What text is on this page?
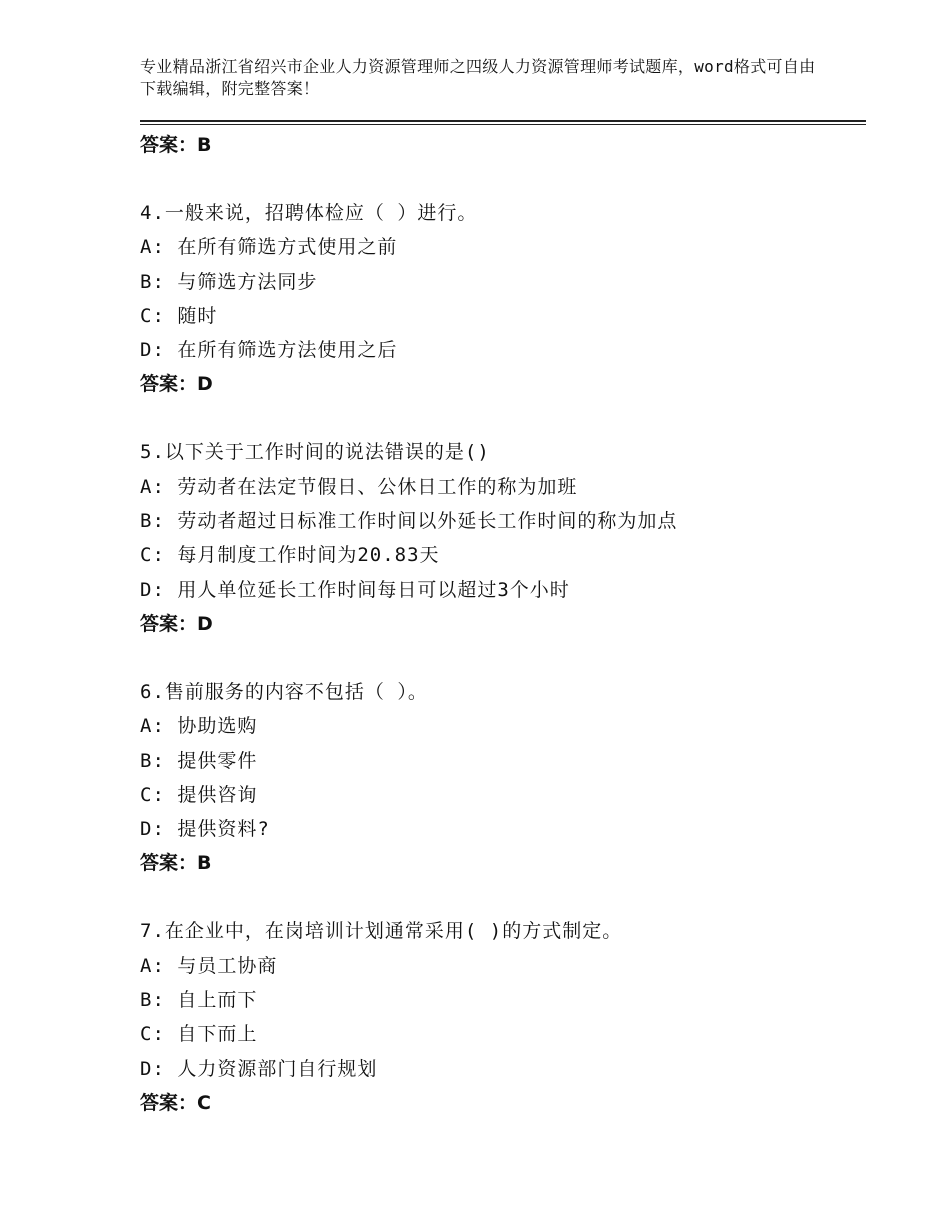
专业精品浙江省绍兴市企业人力资源管理师之四级人力资源管理师考试题库，word格式可自由下载编辑，附完整答案！
答案：B
4.一般来说，招聘体检应（ ）进行。
A: 在所有筛选方式使用之前
B: 与筛选方法同步
C: 随时
D: 在所有筛选方法使用之后
答案：D
5.以下关于工作时间的说法错误的是()
A: 劳动者在法定节假日、公休日工作的称为加班
B: 劳动者超过日标准工作时间以外延长工作时间的称为加点
C: 每月制度工作时间为20.83天
D: 用人单位延长工作时间每日可以超过3个小时
答案：D
6.售前服务的内容不包括（ ）。
A: 协助选购
B: 提供零件
C: 提供咨询
D: 提供资料?
答案：B
7.在企业中，在岗培训计划通常采用( )的方式制定。
A: 与员工协商
B: 自上而下
C: 自下而上
D: 人力资源部门自行规划
答案：C
